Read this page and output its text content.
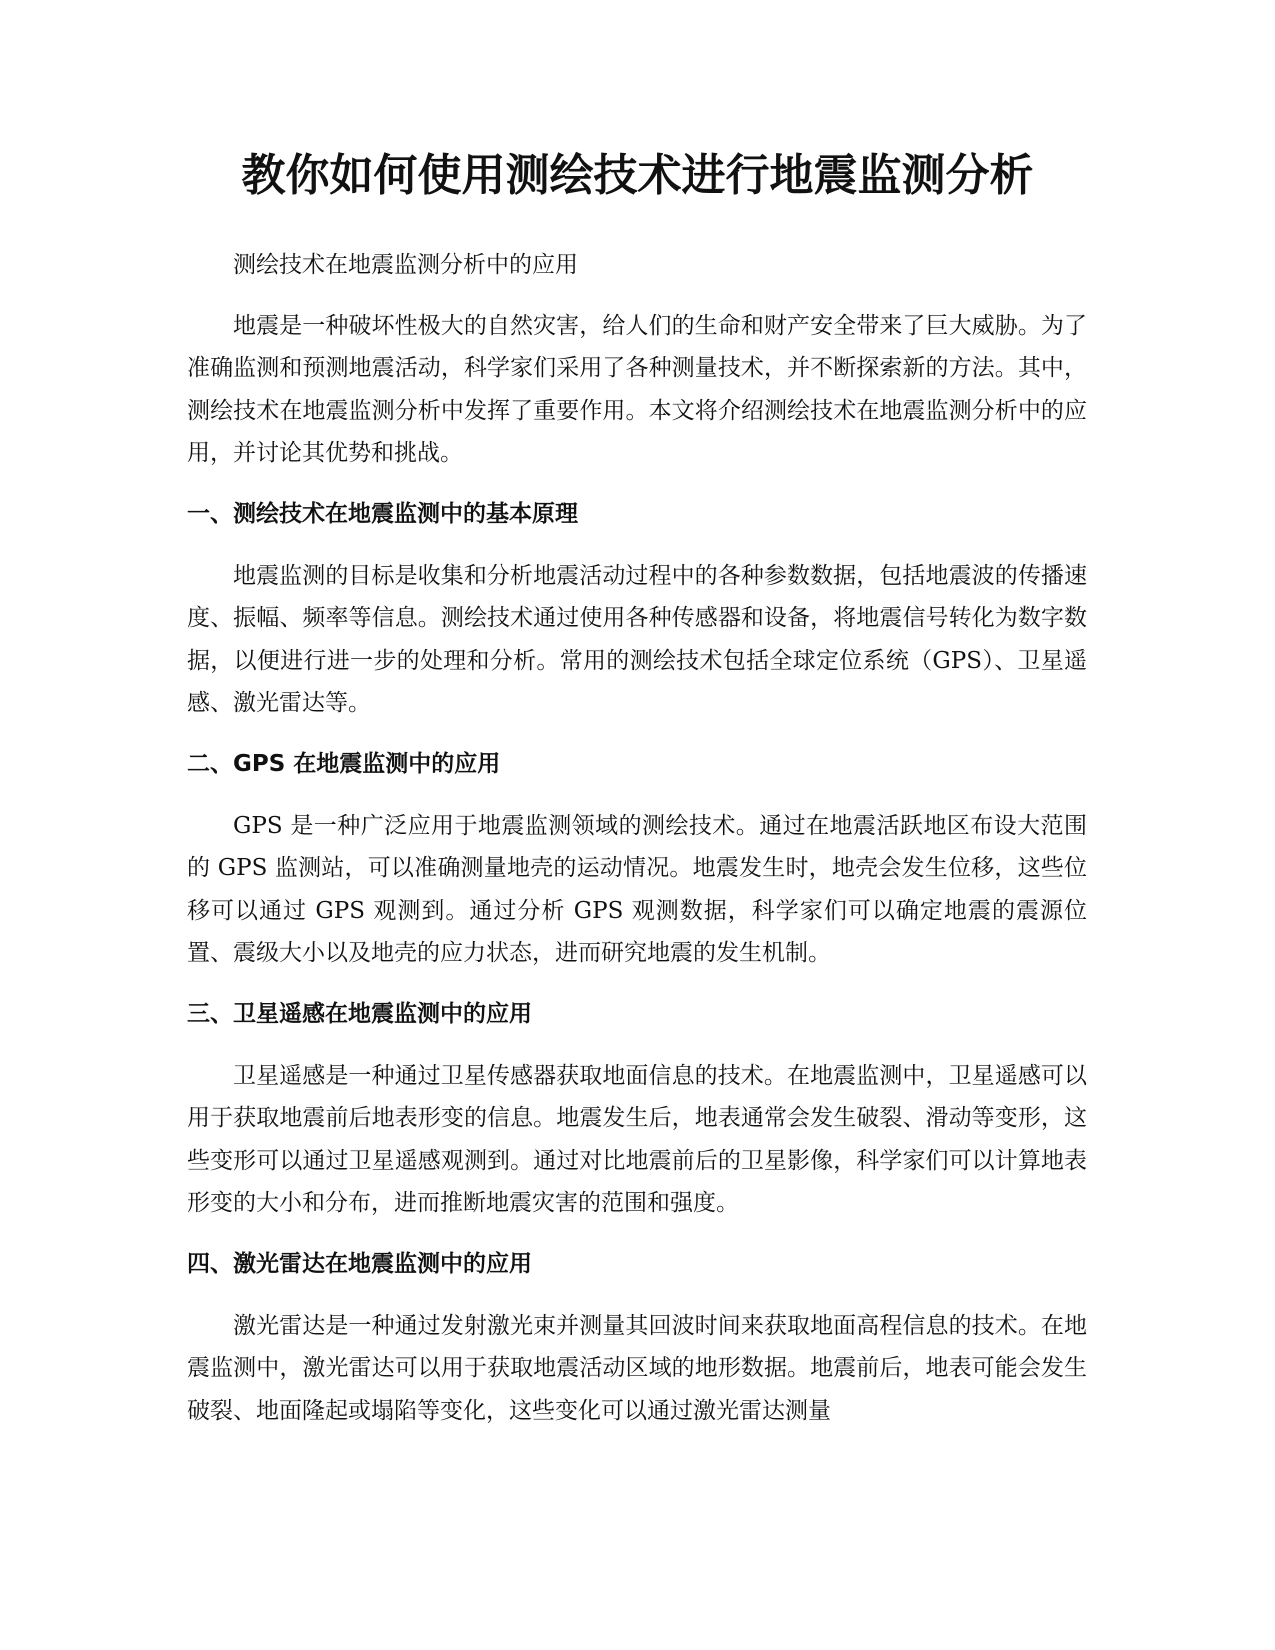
教你如何使用测绘技术进行地震监测分析

测绘技术在地震监测分析中的应用

地震是一种破坏性极大的自然灾害，给人们的生命和财产安全带来了巨大威胁。为了准确监测和预测地震活动，科学家们采用了各种测量技术，并不断探索新的方法。其中，测绘技术在地震监测分析中发挥了重要作用。本文将介绍测绘技术在地震监测分析中的应用，并讨论其优势和挑战。

一、测绘技术在地震监测中的基本原理

地震监测的目标是收集和分析地震活动过程中的各种参数数据，包括地震波的传播速度、振幅、频率等信息。测绘技术通过使用各种传感器和设备，将地震信号转化为数字数据，以便进行进一步的处理和分析。常用的测绘技术包括全球定位系统（GPS）、卫星遥感、激光雷达等。

二、GPS 在地震监测中的应用

GPS 是一种广泛应用于地震监测领域的测绘技术。通过在地震活跃地区布设大范围的 GPS 监测站，可以准确测量地壳的运动情况。地震发生时，地壳会发生位移，这些位移可以通过 GPS 观测到。通过分析 GPS 观测数据，科学家们可以确定地震的震源位置、震级大小以及地壳的应力状态，进而研究地震的发生机制。

三、卫星遥感在地震监测中的应用

卫星遥感是一种通过卫星传感器获取地面信息的技术。在地震监测中，卫星遥感可以用于获取地震前后地表形变的信息。地震发生后，地表通常会发生破裂、滑动等变形，这些变形可以通过卫星遥感观测到。通过对比地震前后的卫星影像，科学家们可以计算地表形变的大小和分布，进而推断地震灾害的范围和强度。

四、激光雷达在地震监测中的应用

激光雷达是一种通过发射激光束并测量其回波时间来获取地面高程信息的技术。在地震监测中，激光雷达可以用于获取地震活动区域的地形数据。地震前后，地表可能会发生破裂、地面隆起或塌陷等变化，这些变化可以通过激光雷达测量
